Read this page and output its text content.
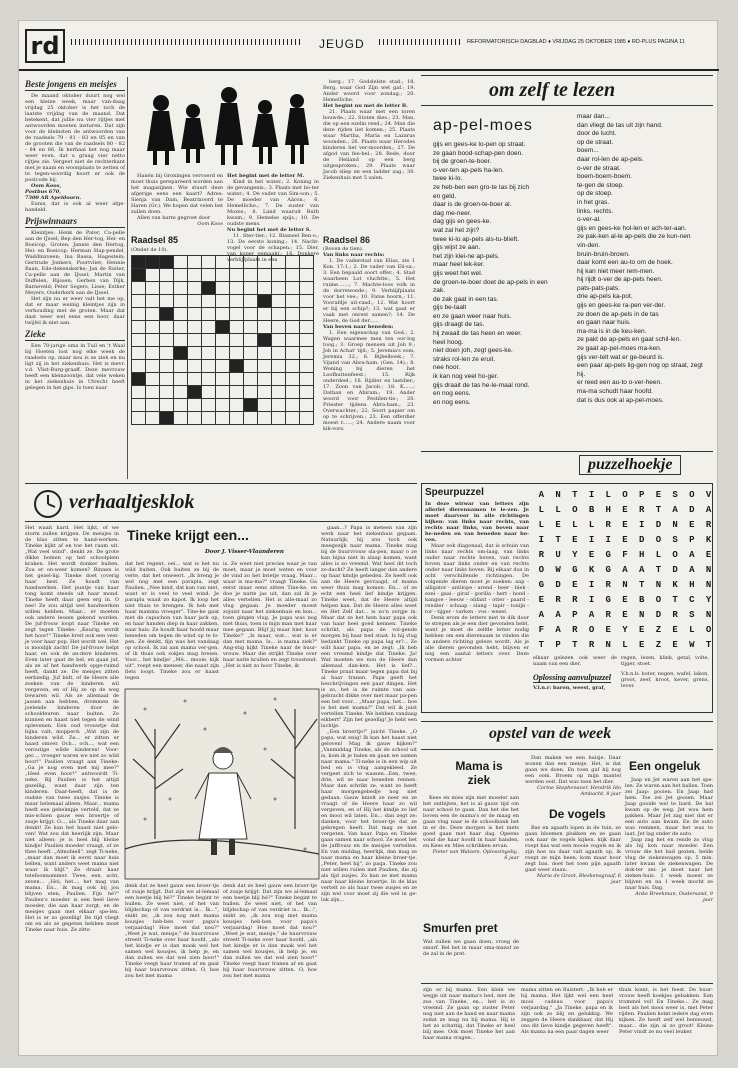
rd	JEUGD	REFORMATORISCH DAGBLAD ♦ VRIJDAG 25 OKTOBER 1985 ♦ RD-PLUS PAGINA 11
Beste jongens en meisjes

De maand oktober duurt nog wel een kleine week, maar van-daag vrijdag 25 oktober is het toch de laatste vrijdag van de maand. Dat betekent, dat jullie nu vier rijtjes met antwoorden moeten insturen. Dat zijn voor de kleinsten de antwoorden van de raadsels 79 - 81 - 83 en 85 en van de grooten die van de raadsels 80 - 82 - 84 en 86. Ik herhaal het nog maar weer even, dat u graag vier netto rijtjes zie. Vergeet niet de rechterkant met je naam en woonplaats te zetten of te tegen-woordig hoort er ook de postcode bij.

Oom Koos,
Postbus 670,
7300 AR Apeldoorn.

Eunis, dat is ook al weer afge-handeld.

Prijswinnaars

Kleintjes: Henk de Pater, Ca-pelle aan de IJssel; Bep den Her-tog, Hei- en Boeicop. Groten: Jannie den Hertog, Hei- en Boeicop; Herman Slap-pendel, Waddinxveen; Ina Bassa, Hagestein; Gertrude Jonkers, Poortvliet; Hennie Baan, Ede-dekenskerke; Jan de Ruiter, Ca-pelle aan de IJssel; Martin van Duffelen, Rijssen; Gerben van Dijk, Barneveld; Peter Segers, Lisse; Esther Meyers, Ouderkerk aan de IJssel.

Het zijn nu er weer valt het me op, dat er maar weinig kleintjes zijn in verhouding met de groten. Maar dat daat weer wel eens een hoor, daar twijfel ik niet aan.

Zieke

Een 78-jarige oma in Tuil en 't Waal bij Hoeten lost nog elke week de raadsels op, maar nou is ze ziek en nu ligt zij in het ziekenhuis. Het is mevr. v.d. Vlist-Burg-graaff. Deze mevrouw heeft een kleinzoontje, dat vele weken in het ziekenhuis in Utrecht heeft gelegen in het gips. Is toen naar

Hanén bij Groningen vervoerd en moet thuis gerepareerd worden aan het magazijnen. Wie stuurt deze afgerige eens een kaart? Adres: Sienja van Dam, Beatrixoord te Haren (Gr.). We hopen dat velen het zullen doen.

Allen van harte gegroet door

Oom Koos

Het begint met de letter M.

Kind in het water.; 2. Koning in de gevangenis.; 3. Plaats met bo-ter water.; 4. De vader van Sim-son.; 5. De moeder van Aäron.; 6. Hemelliche.; 7. De zuster van Mozes.; 8. Land waaruit Ruth kwam.; 9. Hemelse spijs.; 10. De oudste mens.

Nu begint het met de letter S.

11. Ster-tier.; 12. Blameel Ben-o.; 13. De eerste koning.; 14. Nacht-vogel voor de schapen.; 15. Dier, van koper gemaakt.; 16. Donkere verblijfplaats in een

Raadsel 85
(Onder de 10).

berg.; 17. Godslelste stad.; 18. Berg, waar God Zijn wet gaf.; 19. Ander woord voor zondag.; 20. Hemelliche.

Het begint nu met de letter B.

21. Plaats waar met een toren bouwde.; 22. Stoten dies.; 23. Man, die op een ezelin reed.; 24. Man die deze rijden liet komen.; 25. Plaats waar Martha, Maria en Lazarus woonden.; 26. Plaats waar Herodes kinderen liet ver-moorden.; 27. De afgod van fee-bel.; 28. Rede, door de Heiland op een berg uitgesproken.; 29. Plaats waar Jacob sliep en een ladder zag.; 30. Ziekenhuis met 5 zalen.

Raadsel 86

(Boven de tien).

Van links naar rechts:

1. De vaderstad van Elías, zie 1 Kon. 17:1.; 2. De vader van Eli-sa.; 3. Een bepaald soort offer.; 4. Stad waarheen Lot vluchtte.; 5. Het ruime.......; 7. Machte-loos volk in de dorrewoede.; 9. Verblijfplaats voor het vee.; 10. Fatse hoorn.; 11. Voorafdje uit-raad.; 12. Wat hoort er bij een schip?; 13. wat gaat er vaak met onrest samen?; 14. De Heere, de God der......

Van boven naar beneden:

1. Een eigenschap van God.; 2. Wagen waarmee men ten oor-log toog.; 3. Groep mensen uit Job 9.; Job in Achat' tijd.; 5. Jeremia's oom, Jeremia 32.; 6. Bijbelboek.; 7. Vijand van Abra-ham. (Gen. 14).; 8. Woning bij dieren het Loofhuttenfeest.; 15. Rijk onderdeel.; 16. Rijdier en lastdier.; 17. Zoon van Jacob.; 18. K......; Dathan en Abiram.; 19. Ander woord voor Pestilen-tie.; 20. Priester tijdens Abra-ham.; 23. Overwachter.; 22. Soort papier om op te schrijven.; 23. Een offerdier moest r......; 24. Andere naam voor kik-vors.

om zelf te lezen
ap-pel-moes
gijs en gees-ke lo-pen op straat.
ze gaan bood-schap-pen doen.
bij de groen-te-boer.
o-ver-ten ap-pels ha-len.
twee ki-lo.
ze heb-ben een gro-te tas bij zich
en geld.
daar is de groen-te-boer al.
dag me-neer.
dag gijs en gees-ke.
wat zal het zijn?
twee ki-lo ap-pels als-tu-blieft.
gijs wijst ze aan.
het zijn klei-ne ap-pels.
maar heel lek-ker.
gijs weet het wel.
de groen-te-boer doet de ap-pels in een
zak.
de zak gaat in een tas.
gijs be-taalt
en ze gaan weer naar huis.
gijs draagt de tas.
hij zwaait de tas heen en weer.
heel hoog.
niet doen joh, zegt gees-ke.
straks rol-len ze eruit.
nee hoor.
ik kan nog veel ho-ger.
gijs draait de tas he-le-maal rond.
en nog eens.
en nog eens.
maar dan...
dan vliegt de tas uit zijn hand.
door de lucht.
op de straat.
boem...
daar rol-len de ap-pels.
o-ver de straat.
boem-boem-boem.
te-gen de stoep.
op de stoep.
in het gras.
links. rechts.
o-ver-al.
gijs en gees-ke hol-len er ach-ter-aan.
ze pak-ken al-le ap-pels die ze kun-nen
vin-den.
bruin-bruin-brown.
daar komt een au-to om de hoek.
hij kan niet meer rem-men.
hij rijdt o-ver de ap-pels heen.
pats-pats-pats.
drie ap-pels ka-pot.
gijs en gees-ke ra-pen ver-der.
ze doen de ap-pels in de tas
en gaan naar huis.
ma-ma is in de keu-ken.
ze pakt de ap-pels en gaat schil-len.
ze gaat ap-pel-moes ma-ken.
gijs ver-telt wat er ge-beurd is.
een paar ap-pels lig-gen nog op straat, zegt
hij.
er reed een au-to o-ver-heen.
ma-ma schudt haar hoofd.
dat is dus ook al ap-pel-moes.
puzzelhoekje
Speurpuzzel

In deze wirwar van letters zijn allerlei dierennamen te le-zen. Je moet daarvoor in alle richtingen kijken: van links naar rechts, van rechts naar links, van boven naar be-neden en van beneden naar bo-ven.

Maar ook diagonaal, dat is schuin van links naar rechts om-laag, van links onder naar rechts boven, van rechts boven naar links onder en van rechts onder naar links boven. Bij elkaar dus in acht verschillende richtingen. De volgende dieren moet je zoeken: aap - alligator - antilope - arend - beer - blek - ezel - gaai - giraf - gorilla - hert - hond - kangoe - leeuw - olifant - otter - paard - rendier - schaap - slang - tapir - tonijn - tor - tijger - varken - vos - wezel.

Denk erom de letters niet te dik door te strepen als je een dier gevonden hebt, want je moet de zelfde letter nodig hebben om een dierenaam te vinden die in andere richting geleze wordt. Als je alle dieren gevonden hebt, blijven er nog een aantal letters over. Deze vormen achter

A	N	T	I	L	O	P	E	S	O	V
L	L	O	B	H	E	R	T	A	D	A
L	E	L	L	R	E	I	D	N	E	R
I	T	E	I	I	E	D	O	S	P	K
R	U	Y	E	G	F	H	L	O	A	E
O	W	G	K	G	A	A	T	D	A	N
G	D	E	I	R	N	T	N	K	H	N
E	R	R	I	G	E	B	O	T	C	Y
A	A	P	A	R	E	N	D	R	S	N
F	A	R	O	E	Y	E	Z	E	L	O
T	P	T	R	N	L	E	Z	E	W	T
elkaar gelezen ook weer de naam van een dier.
Oplossing aanvulpuzzel
V.l.n.r: baron, weest, graf,

regen, lezen, klink, getal, volte, tijger, stoet.

V.b.n.b: boter, negen, wafel, lakon, groot, zeef, kroot, kever, grens, lever.

verhaaltjesklok
Het waait hard. Het lijkt, of we storm zullen krijgen. De meisjes in de klas zitten te hand-werken. Tineke kijkt af en toe het raam uit. „Wat veel wind", denkt ze. De grote dikke bomen op het schoolplein kraken. Het wordt donker buiten. Zou er on-weer komen? Binnen is het gezel-lig. Tineke doet (overig haar best. Ze houdt van handwerken. Het puntje van haar tong komt steeds uit haar mond. Tineke heeft daar geen erg in. O nee! Ze zou altijd wel handwerken willen hebben. Maar... er moeten ook andere lessen gekend worden. De juf-frouw loopt naar Tineke en zegt tegen Tineke: „Keurig, wordt het hoor!" Tineke breit ook een vest-je voor haar pop. Het wordt wel. Het is mooilijk zacht! De juf-frouw helpt haar, en ook de an-dere kinderen. Even later gaat de bel, en gaan juf, als ze af het handwerk opge-ruimd heeft, dankt ze. De meisjes zitten eerbiedig. Juf bidt, of de Heere alle zoeken van de kinderen wil vergeven, en of Hij ze op de weg bewaren wil. Als ze allemaal de jassen aan hebben, drommen de joelende kinderen door de schooldeuren naar buiten. Ze kunnen en haast niet tegen de wind oplevenen. Een oud vrouwtje dat bijna valt, mopperd: „Wat zijn de kinderen wild. Ze... er zitten er haast omver. Och... och..., wat een veroutige wilde kinderen! Voor-ger..., vroeger waren we niet zo wild hoor!" Paulien vraagt aan Tineke: „Ga je nog even met mij mee?" „Heel even hoor!" antwoordt Ti-neke. Bij Paulien is het altijd gezellig, want daar zijn ten kinderen. Daar-heeft, dat is de oudste van twee zusjes. Tineke is maar helemaal alleen. Maar... mama heeft een geheimpje verteld, dat ze mis-schien gauw een broertje of zusje krijgt. O..., als Tineke daar aan denkt! Ze kan het haast niet gelo-ven! Wat zou dat heerlijk zijn. Maar niet alleen; je is heel blij kleine kindje! Paulien moeder vraagt, of ze thee heeft. „Almobiell", zegt Ti-neke, „maar dan moet ik eerst naar huis bellen, want anders weet mama niet waar ik blijf." Ze draait haar telefoonnummer. Twee, een, acht, zeven... „Hoi, het..., het mag van mama. En... ik mag ook bij jou blijven eten, Paulien. Fijn hè?" Paulien's moeder is een heel lieve moeder, die aan haar zorgt, en de meisjes gaan met elkaar spe-len. Het is er zo gezellig! De tijd vliegt om en als ze gegeten hebben moet Tineke naar huis. Ze zitte
Tineke krijgt een...
Door J. Visser-Vlaanderen
dat het regent, oei... wat is het nu wild buiten. Ook buiten ze bij de verte, dat het onweert. „Ik breng je wel nog met een paraplu, zegt Paulien. „Nee kind, dat kan van niet, want er is veel te veel wind. Je paraplu waait zo kapot. Ik loop het niet thuis te brengen. Ik heb met haar mamma vroeger". Tine-ke gaat met de capuchon van haar jack op, en haar handen diep in haar zakken, naar huis. Ze houdt haar hoofd maar beneden om tegen de wind op te lo-pen. Ze denkt, fijn was het vandaag op school. Ik zal aan mama ver-gen, of ik thuis ook sokjes mag breien. Voor... het kindje! „Mé... mooie, kijk uit", roept een meneer, die naast zijn fiets loopt. Tineke zou er haast tegen
is. Ze weet niet precies waar je van moet, maar je moet weten en voor de vind zo het brietje vraag. Maar... waar is ma-ma?" vraagt Tineke. Ga eerst maar eens zitten Tine-ke, en doe je natte jas uit, dan zal ik je alles vertellen. Het is alle-maal zo vlug gegaan. Je moeder moest zojuist naar het ziekenhuis en kon... toen gingen vlug. Je papa was nog niet thuis, toen is mijn man met haar mee gegaan. Blijf jij maar hier, hoor Tineke!" „Is maar, wat... wat is er dan met mama. Is... is mama ziek?" Ang-stig kijkt Tineke naar de buur-vrouw. Maar die strijkt Tineke over haar natte krullen en zegt troostend: „Het is niet zo hoor Tineke, ik
denk dat ze heel gauw een broer-tje of zusje krijgt. Dat zijn we al-lemaal een beetje blij hè?" Tineke begint te huilen. Ze weet niet, of het van blijdschap of van verdriet is... Ik...", snikt ze, „ik zou nog met mama kousjes heb-ben voor papa's verjaardag! Hoe moet dat nou?" „Weet je wat, meisje," de buurvrouw streelt Ti-neke over haar hoofd, „als het kindje er is dan maak wel het samen wel kousjes, ik help je, en dan zullen we dat wel zien hoor!" Tineke veegt haar tranen af en gaat bij haar buurvrouw zitten. O, hoe zou het met mama
denk dat ze heel gauw een broer-tje of zusje krijgt. Dat zijn we al-lemaal een beetje blij hè?" Tineke begint te huilen. Ze weet niet, of het van blijdschap of van verdriet is... Ik...", snikt ze, „ik zou nog met mama kousjes heb-ben voor papa's verjaardag! Hoe moet dat nou?" „Weet je wat, meisje," de buurvrouw streelt Ti-neke over haar hoofd, „als het kindje er is dan maak wel het samen wel kousjes, ik help je, en dan zullen we dat wel zien hoor!" Tineke veegt haar tranen af en gaat bij haar buurvrouw zitten. O, hoe zou het met mama

gaan...? Papa is meteen van zijn werk naar het ziekenhuis gegaan. Natuurlijk, hij zou toch ook meegezijk naar mama. Tineke mag bij de buurvrouw sla-pen, maar o ze kan bijna niet in slaap komen, want alles is zo vreemd. Wat heel dit toch zo-dacht? Ze heeft langer dan andere op haar kindje gebeden. Ze heeft ook aan de Heere gevraagd, of mama weer thuis mag komen. En... of ze echt een heel lief kindje krijgen. Tineke weet, dat de Heere altijd helpen kan. Dat de Heere alles weet en Het Zelf dat... is zo’n zorgje in. Maar dat ze het hem haar papa ook van haar heel goed kennen. Tineke schrikt, als papa de vol-gende morgen bij haar bed staat. Is hij vlug bedankt Tineke op papa lag er?... Ze wilt haar papa, en ze zegt: „Ik heb een vreemd kindje dat Tineke. Ja! Wat moeten we nou de Heere dan allemaal dan-ken. Het is lief?... Tineke praat maar tegen papa dat bij al haar tranen. Papa geeft het beschrijvingen een paar dingen. Het is zo, het is de ruimte van aan-gebracht dikke over met maar pa-pen een bel voor... „Maar papa, het... hoe is het met mama?" Dat wil ik juist vertellen Tineke. We hebben vandaag eikbert" Zijn het gezellig! Je hebt een lachtje.

„Een broertje!" juicht Tineke. „O papa, wat enig! Ik kan het haast niet geloven! Mag ik gauw kijken?" „Vanmiddag Tineke, als de school uit is, kom ik je halen en gaan we samen naar mama." Ti-neke is in een wip uit bed en is vlug aangekleed. Ze vergeet zich te wassen...Een, twee, drie, wil ze naar beneden rennen. Maar dan schrikt ze, want ze heeft haar morgengebedje nog niet gedaan. Gauw knielt ze neer en ze vraagt of de Heere haar zo wil vergeven, en of Hij het kindje zo lief en mooi wil laten. En... dan zegt ze: danken, voor het broer-tje dat ze gekregen heeft. Dat mag ze niet vergeten. Van haar. Papa en Tineke gaan samen naar school. Ze moet het de juffrouw en de meisjes vertellen. En van middag, heerlijk, dan mag ze naar mama en haar kleine broer-tje. „Peter, heet hij", zo paqa. Tineke zou niet willen ruilen met Paulien, die zij als tijd zusjes. Zo kan ze met mama naar haar kleine broertje. In de klas vertelt zo als haar twee zusjes en ze zijn wel voor moet zij die wel in ge-luk zijn...

opstel van de week
Mama is ziek

Kees en mies zijn met moeder aan het ontbijten, het is al gauw tijd om naar school te gaan. Dan het die het boven een de mama's er de maag en gaan vlug naar ie de schoolbank het in er de. Deze morgen is het niets goed gaan met haar dag. Opeens vond die haar hoofd in haar handen, en Kees en Mies schrikken ervan.

Pieter van Walsem, Oplossingsby., 6 jaar

Smurfen pret
Wat zullen we gaan doen, vroeg de smurf. Bel het in maar sma-mazof ze de zal in de pret.

Dan maken we een huisje. Daar wonen dan een meisje. Het, is dat gaan we doen. En toen gaf hij nog een oom. Broem op mijn mantel werden ooit. Dat was toen het dier.

Corine Stephenaver, Hendrik Ido Ambacht, 8 jaar

De vogels

Bas en agaath lopen in de tuin. ze gaan bloemen plukken en ze gaan ook naar de vogels kijken. kijk daar roept bas wat een mooie vogels en ik zijn hoe nu daar valt agaath op, ik roept ze mijn been. kom maar hoor zegt bas. doet het toen pijn agaath gaat weer staan.

Maria de Groot, Bleskensgraaf, 6 jaar

Een ongeluk

Jaap en Jet waren aan het spe-len. Ze waren aan het ballen. Toen zei Jaap: gooien. En Jaap had hem. Toe zei Jet gooien. Maar Jaap gooide wel te hard. De bal kwam op de weg. Jet wou hem pakken. Maar Jet zag niet dat er een auto aan kwam. En de auto was remmen, maar het was te laat. Jet lag onder de auto.

Jaap zag het en rende zo vlug als hij kon naar moeder. Een vrouw die het had gezien, belde vlug de ziekenwagen op. 5 min. later kwam de ziekenwagen. De dok-ter zei: je moet naar het zieken-huis. 1 week moest ze blijven en na 1 week mocht ze naar huis. Dag.

Anke Breekman, Oudersand, 9 jaar

zijn er bij mama. Een klein we wegje uit naar mama's bed, met de zus van Tineke, en... het is zo vreemd. Ze gaan op zuster Peter nog niet aan de hand en naar mama zodat ze mag nu bij mama. Hij is het zo schattig, dat Tineke er heel blij mee. Ook moet Tineke het aan haar mama vragen...
mama zitten en fluistert: „Ik heb er bij mama. Het lijkt wel een heel mooi cadeau voor papa's verjaardag." „Ja Tineke, papa en ik zijn ook zo blij en gelukkig. We zeggen de Heere dankbaar, dat Hij ons dit lieve kindje gegeven heeft". Als mama na een paar dagen weer
thuis komt, is het feest. De buur-vrouw heeft koekjes gebakken. Een trommel vol! En Tineke... Ze mag best als het mooi weer is, met Peter rijden. Paulien komt iedere dag even kijken. Ze heeft zelf wel benieuwd, maar... die zijn al zo groot! Kleine Peter vindt ze nu veel leuker.
